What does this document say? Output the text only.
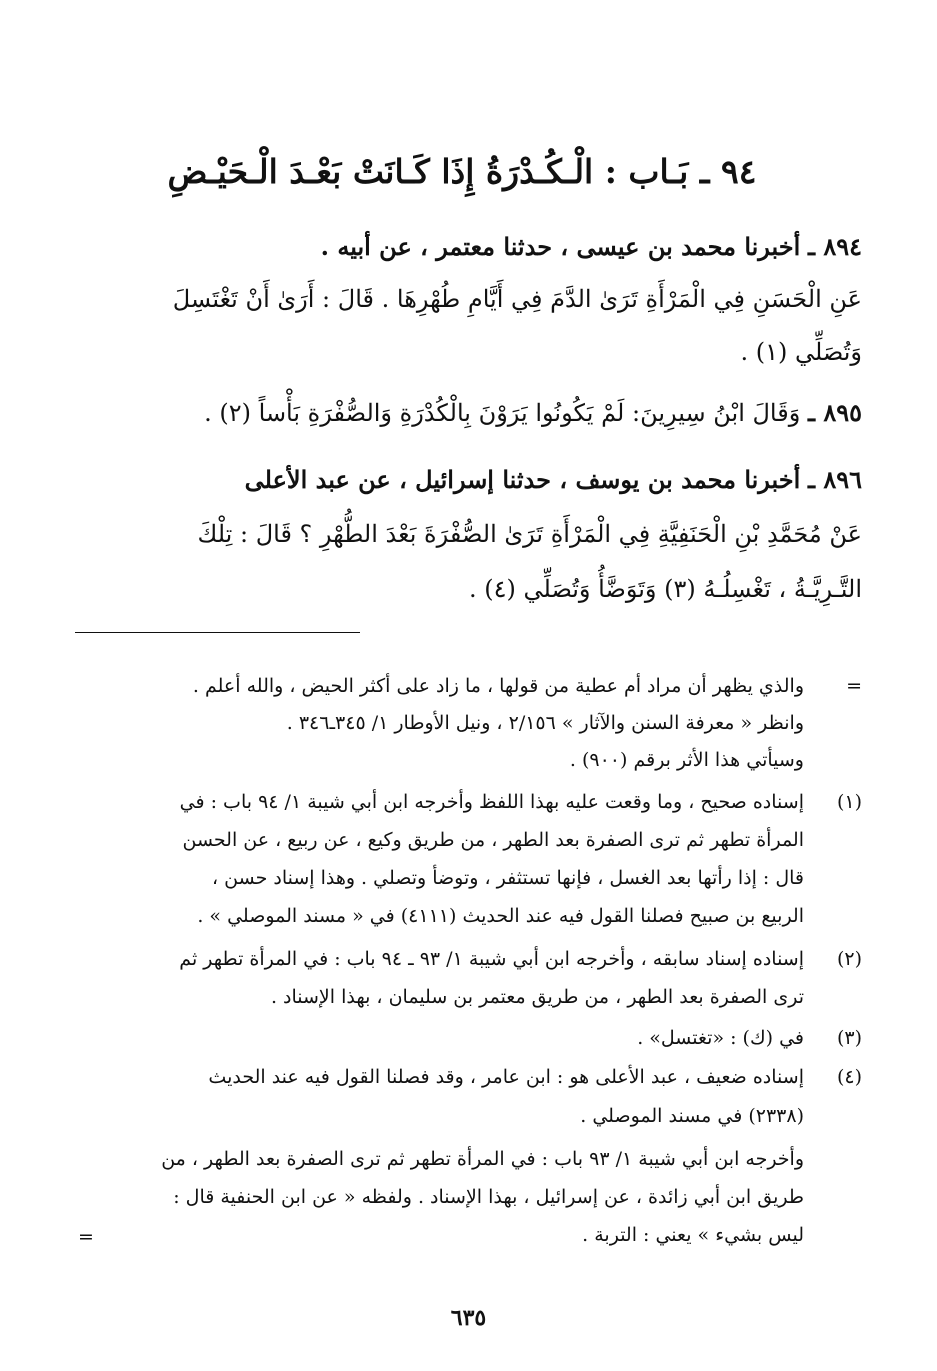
٩٤ ـ بَـاب : الْـكُـدْرَةُ إِذَا كَـانَتْ بَعْـدَ الْـحَيْـضِ
٨٩٤ ـ أخبرنا محمد بن عيسى ، حدثنا معتمر ، عن أبيه .
عَنِ الْحَسَنِ فِي الْمَرْأَةِ تَرَىٰ الدَّمَ فِي أَيَّامِ طُهْرِهَا . قَالَ : أَرَىٰ أَنْ تَغْتَسِلَ
وَتُصَلِّي (١) .
٨٩٥ ـ وَقَالَ ابْنُ سِيرِينَ: لَمْ يَكُونُوا يَرَوْنَ بِالْكُدْرَةِ وَالصُّفْرَةِ بَأْساً (٢) .
٨٩٦ ـ أخبرنا محمد بن يوسف ، حدثنا إسرائيل ، عن عبد الأعلى
عَنْ مُحَمَّدِ بْنِ الْحَنَفِيَّةِ فِي الْمَرْأَةِ تَرَىٰ الصُّفْرَةَ بَعْدَ الطُّهْرِ ؟ قَالَ : تِلْكَ
التَّـرِيَّـةُ ، تَغْسِلُـهُ (٣) وَتَوَضَّأُ وَتُصَلِّي (٤) .
=
والذي يظهر أن مراد أم عطية من قولها ، ما زاد على أكثر الحيض ، والله أعلم .
وانظر « معرفة السنن والآثار » ٢/١٥٦ ، ونيل الأوطار ١/ ٣٤٥ـ٣٤٦ .
وسيأتي هذا الأثر برقم (٩٠٠) .
(١)
إسناده صحيح ، وما وقعت عليه بهذا اللفظ وأخرجه ابن أبي شيبة ١/ ٩٤ باب : في
المرأة تطهر ثم ترى الصفرة بعد الطهر ، من طريق وكيع ، عن ربيع ، عن الحسن
قال : إذا رأتها بعد الغسل ، فإنها تستثفر ، وتوضأ وتصلي . وهذا إسناد حسن ،
الربيع بن صبيح فصلنا القول فيه عند الحديث (٤١١١) في « مسند الموصلي » .
(٢)
إسناده إسناد سابقه ، وأخرجه ابن أبي شيبة ١/ ٩٣ ـ ٩٤ باب : في المرأة تطهر ثم
ترى الصفرة بعد الطهر ، من طريق معتمر بن سليمان ، بهذا الإسناد .
(٣)
في (ك) : «تغتسل» .
(٤)
إسناده ضعيف ، عبد الأعلى هو : ابن عامر ، وقد فصلنا القول فيه عند الحديث
(٢٣٣٨) في مسند الموصلي .
وأخرجه ابن أبي شيبة ١/ ٩٣ باب : في المرأة تطهر ثم ترى الصفرة بعد الطهر ، من
طريق ابن أبي زائدة ، عن إسرائيل ، بهذا الإسناد . ولفظه « عن ابن الحنفية قال :
ليس بشيء » يعني : التربة .
=
٦٣٥
